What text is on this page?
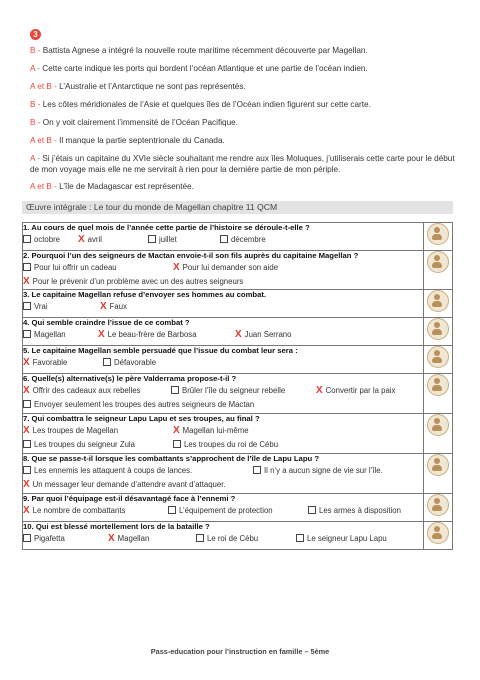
3
B - Battista Agnese a intégré la nouvelle route maritime récemment découverte par Magellan.
A - Cette carte indique les ports qui bordent l’océan Atlantique et une partie de l’océan indien.
A et B - L’Australie et l’Antarctique ne sont pas représentés.
B - Les côtes méridionales de l’Asie et quelques îles de l’Océan indien figurent sur cette carte.
B - On y voit clairement l’immensité de l’Océan Pacifique.
A et B - Il manque la partie septentrionale du Canada.
A - Si j’étais un capitaine du XVIe siècle souhaitant me rendre aux îles Moluques, j’utiliserais cette carte pour le début de mon voyage mais elle ne me servirait à rien pour la dernière partie de mon périple.
A et B - L’île de Madagascar est représentée.
Œuvre intégrale : Le tour du monde de Magellan chapitre 11 QCM
1. Au cours de quel mois de l’année cette partie de l’histoire se déroule-t-elle ?
octobre X avril juillet décembre	

2. Pourquoi l’un des seigneurs de Mactan envoie-t-il son fils auprès du capitaine Magellan ?
Pour lui offrir un cadeau X Pour lui demander son aide
X Pour le prévenir d’un problème avec un des autres seigneurs	

3. Le capitaine Magellan refuse d’envoyer ses hommes au combat.
Vrai X Faux	

4. Qui semble craindre l’issue de ce combat ?
Magellan X Le beau-frère de Barbosa X Juan Serrano	

5. Le capitaine Magellan semble persuadé que l’issue du combat leur sera :
X Favorable Défavorable	

6. Quelle(s) alternative(s) le père Valderrama propose-t-il ?
X Offrir des cadeaux aux rebelles Brûler l’île du seigneur rebelle X Convertir par la paix
Envoyer seulement les troupes des autres seigneurs de Mactan	

7. Qui combattra le seigneur Lapu Lapu et ses troupes, au final ?
X Les troupes de Magellan X Magellan lui-même
Les troupes du seigneur Zula Les troupes du roi de Cébu	

8. Que se passe-t-il lorsque les combattants s’approchent de l’île de Lapu Lapu ?
Les ennemis les attaquent à coups de lances. Il n’y a aucun signe de vie sur l’île.
X Un messager leur demande d’attendre avant d’attaquer.	

9. Par quoi l’équipage est-il désavantagé face à l’ennemi ?
X Le nombre de combattants L’équipement de protection Les armes à disposition	

10. Qui est blessé mortellement lors de la bataille ?
Pigafetta X Magellan Le roi de Cébu Le seigneur Lapu Lapu	

Pass-education pour l’instruction en famille – 5ème
